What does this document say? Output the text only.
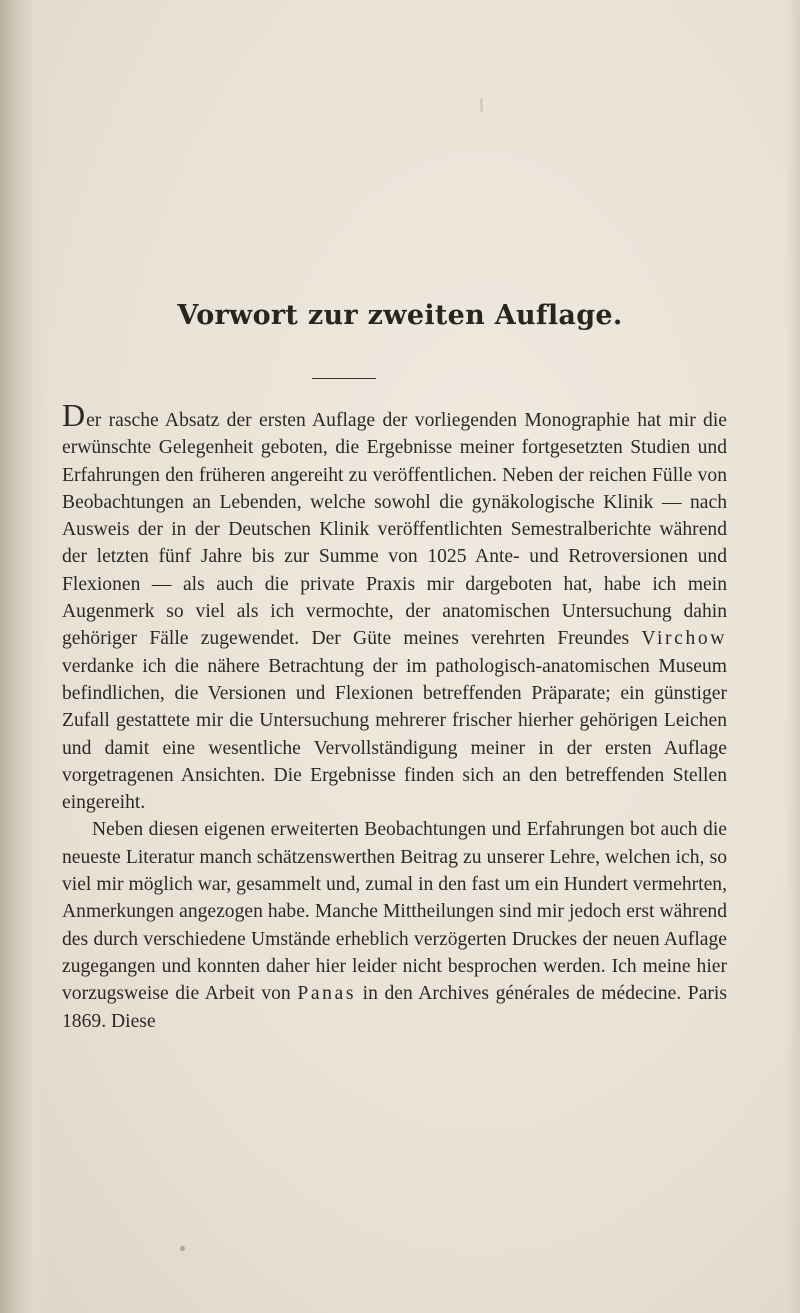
Vorwort zur zweiten Auflage.

Der rasche Absatz der ersten Auflage der vorliegenden Monographie hat mir die erwünschte Gelegenheit geboten, die Ergebnisse meiner fortgesetzten Studien und Erfahrungen den früheren angereiht zu veröffentlichen. Neben der reichen Fülle von Beobachtungen an Lebenden, welche sowohl die gynäkologische Klinik — nach Ausweis der in der Deutschen Klinik veröffentlichten Semestralberichte während der letzten fünf Jahre bis zur Summe von 1025 Ante- und Retroversionen und Flexionen — als auch die private Praxis mir dargeboten hat, habe ich mein Augenmerk so viel als ich vermochte, der anatomischen Untersuchung dahin gehöriger Fälle zugewendet. Der Güte meines verehrten Freundes Virchow verdanke ich die nähere Betrachtung der im pathologisch-anatomischen Museum befindlichen, die Versionen und Flexionen betreffenden Präparate; ein günstiger Zufall gestattete mir die Untersuchung mehrerer frischer hierher gehörigen Leichen und damit eine wesentliche Vervollständigung meiner in der ersten Auflage vorgetragenen Ansichten. Die Ergebnisse finden sich an den betreffenden Stellen eingereiht.

Neben diesen eigenen erweiterten Beobachtungen und Erfahrungen bot auch die neueste Literatur manch schätzenswerthen Beitrag zu unserer Lehre, welchen ich, so viel mir möglich war, gesammelt und, zumal in den fast um ein Hundert vermehrten, Anmerkungen angezogen habe. Manche Mittheilungen sind mir jedoch erst während des durch verschiedene Umstände erheblich verzögerten Druckes der neuen Auflage zugegangen und konnten daher hier leider nicht besprochen werden. Ich meine hier vorzugsweise die Arbeit von Panas in den Archives générales de médecine. Paris 1869. Diese
